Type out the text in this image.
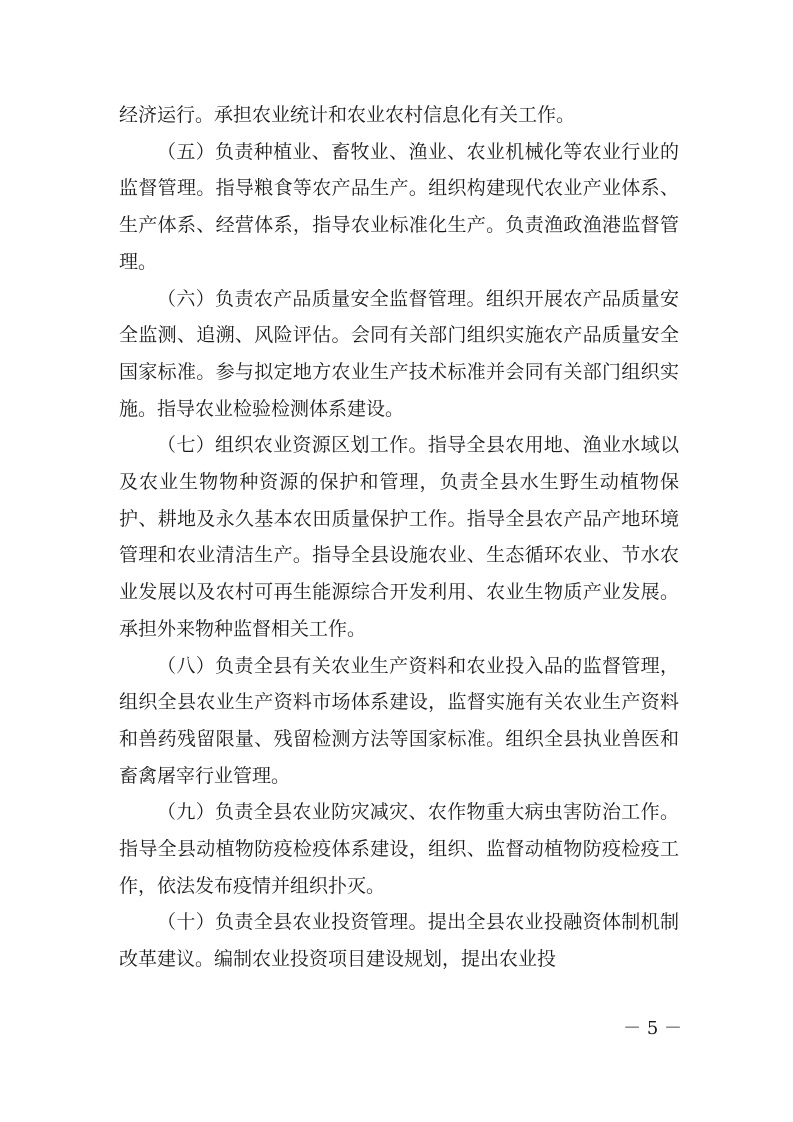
经济运行。承担农业统计和农业农村信息化有关工作。

（五）负责种植业、畜牧业、渔业、农业机械化等农业行业的监督管理。指导粮食等农产品生产。组织构建现代农业产业体系、生产体系、经营体系，指导农业标准化生产。负责渔政渔港监督管理。

（六）负责农产品质量安全监督管理。组织开展农产品质量安全监测、追溯、风险评估。会同有关部门组织实施农产品质量安全国家标准。参与拟定地方农业生产技术标准并会同有关部门组织实施。指导农业检验检测体系建设。

（七）组织农业资源区划工作。指导全县农用地、渔业水域以及农业生物物种资源的保护和管理，负责全县水生野生动植物保护、耕地及永久基本农田质量保护工作。指导全县农产品产地环境管理和农业清洁生产。指导全县设施农业、生态循环农业、节水农业发展以及农村可再生能源综合开发利用、农业生物质产业发展。承担外来物种监督相关工作。

（八）负责全县有关农业生产资料和农业投入品的监督管理，组织全县农业生产资料市场体系建设，监督实施有关农业生产资料和兽药残留限量、残留检测方法等国家标准。组织全县执业兽医和畜禽屠宰行业管理。

（九）负责全县农业防灾减灾、农作物重大病虫害防治工作。指导全县动植物防疫检疫体系建设，组织、监督动植物防疫检疫工作，依法发布疫情并组织扑灭。

（十）负责全县农业投资管理。提出全县农业投融资体制机制改革建议。编制农业投资项目建设规划，提出农业投

－ 5 －
